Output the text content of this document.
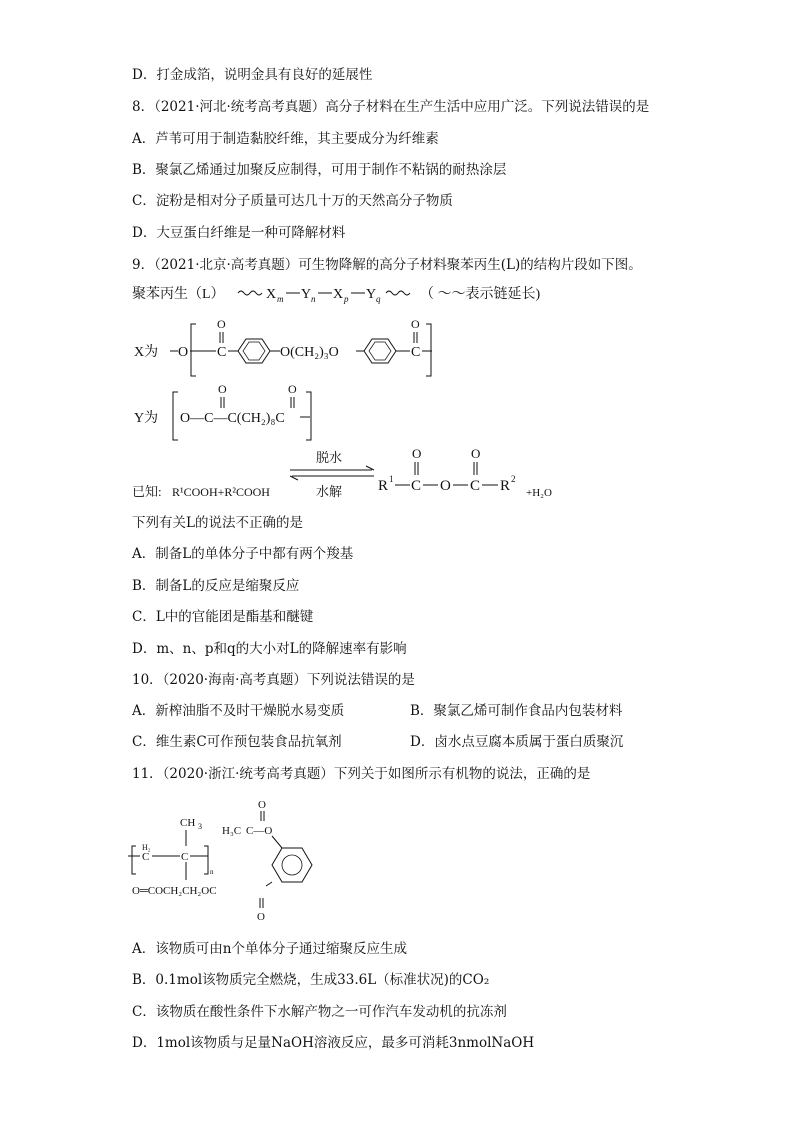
D．打金成箔，说明金具有良好的延展性
8．（2021·河北·统考高考真题）高分子材料在生产生活中应用广泛。下列说法错误的是
A．芦苇可用于制造黏胶纤维，其主要成分为纤维素
B．聚氯乙烯通过加聚反应制得，可用于制作不粘锅的耐热涂层
C．淀粉是相对分子质量可达几十万的天然高分子物质
D．大豆蛋白纤维是一种可降解材料
9．（2021·北京·高考真题）可生物降解的高分子材料聚苯丙生(L)的结构片段如下图。
聚苯丙生（L）	X m Y n X p Y q	（ ～～表示链延长)
X为 O C
O
O(CH₂)₃O	C
O
Y为 O—C—C(CH₂)₈C
O	O
已知: R¹COOH+R²COOH
脱水
水解 R 1 C
O
O C
O
R 2
+H₂O
下列有关L的说法不正确的是
A．制备L的单体分子中都有两个羧基
B．制备L的反应是缩聚反应
C．L中的官能团是酯基和醚键
D．m、n、p和q的大小对L的降解速率有影响
10．（2020·海南·高考真题）下列说法错误的是
A．新榨油脂不及时干燥脱水易变质	B．聚氯乙烯可制作食品内包装材料
C．维生素C可作预包装食品抗氧剂	D．卤水点豆腐本质属于蛋白质聚沉
11．（2020·浙江·统考高考真题）下列关于如图所示有机物的说法，正确的是
O
H₃C C—O
CH 3
H₂
C	C
n
O═COCH₂CH₂OC
O
A．该物质可由n个单体分子通过缩聚反应生成
B．0.1mol该物质完全燃烧，生成33.6L（标准状况)的CO₂
C．该物质在酸性条件下水解产物之一可作汽车发动机的抗冻剂
D．1mol该物质与足量NaOH溶液反应，最多可消耗3nmolNaOH
